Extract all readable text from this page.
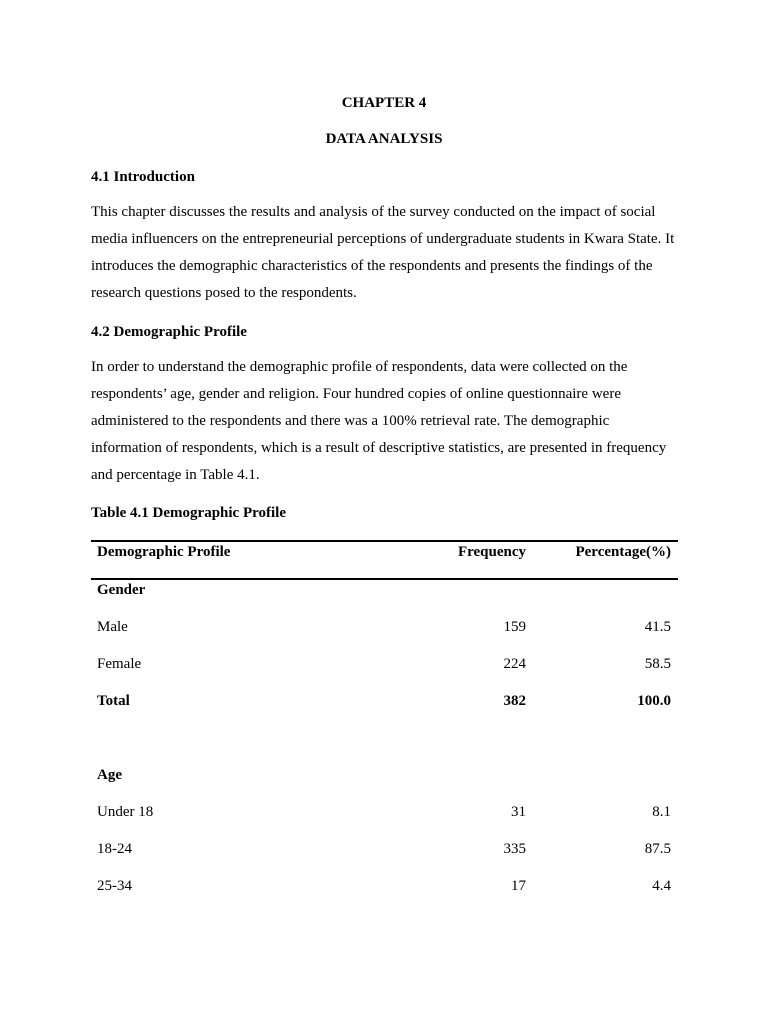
CHAPTER 4
DATA ANALYSIS
4.1 Introduction

This chapter discusses the results and analysis of the survey conducted on the impact of social media influencers on the entrepreneurial perceptions of undergraduate students in Kwara State. It introduces the demographic characteristics of the respondents and presents the findings of the research questions posed to the respondents.

4.2 Demographic Profile

In order to understand the demographic profile of respondents, data were collected on the respondents’ age, gender and religion. Four hundred copies of online questionnaire were administered to the respondents and there was a 100% retrieval rate. The demographic information of respondents, which is a result of descriptive statistics, are presented in frequency and percentage in Table 4.1.

Table 4.1 Demographic Profile
Demographic Profile	Frequency	Percentage(%)
Gender
Male	159	41.5
Female	224	58.5
Total	382	100.0
Age
Under 18	31	8.1
18-24	335	87.5
25-34	17	4.4
